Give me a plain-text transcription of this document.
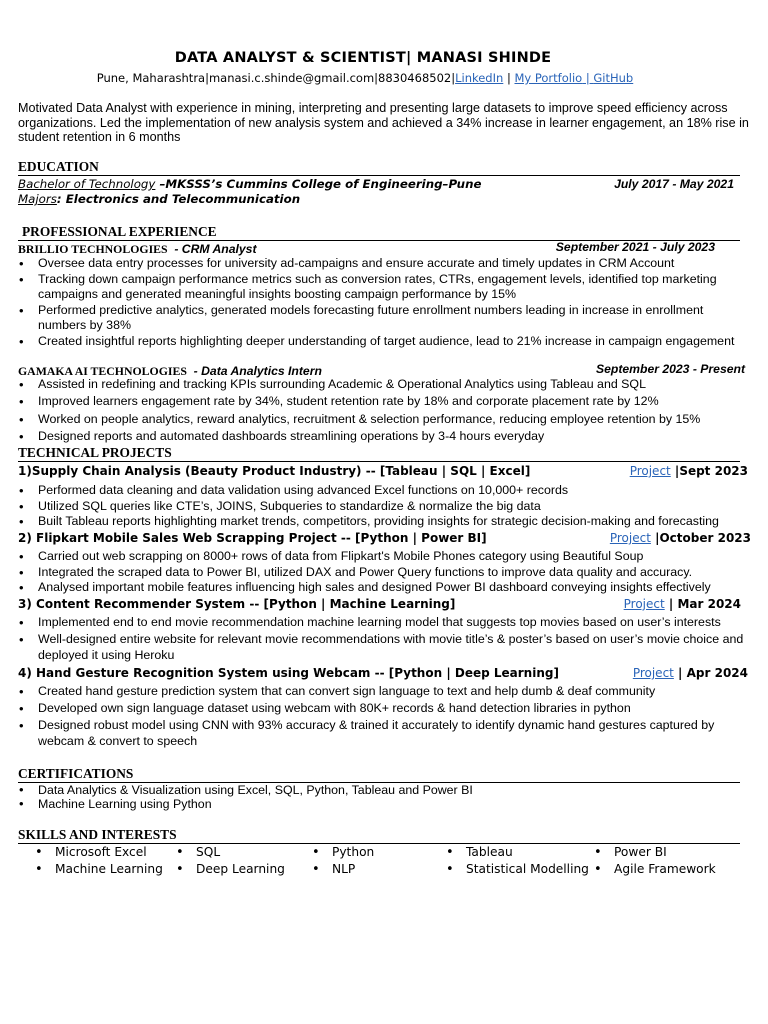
DATA ANALYST & SCIENTIST| MANASI SHINDE
Pune, Maharashtra|manasi.c.shinde@gmail.com|8830468502|LinkedIn | My Portfolio | GitHub
Motivated Data Analyst with experience in mining, interpreting and presenting large datasets to improve speed efficiency across organizations. Led the implementation of new analysis system and achieved a 34% increase in learner engagement, an 18% rise in student retention in 6 months
EDUCATION
Bachelor of Technology –MKSSS’s Cummins College of Engineering–Pune	July 2017 - May 2021
Majors: Electronics and Telecommunication
PROFESSIONAL EXPERIENCE
BRILLIO TECHNOLOGIES  - CRM Analyst	September 2021 - July 2023
• Oversee data entry processes for university ad-campaigns and ensure accurate and timely updates in CRM Account
• Tracking down campaign performance metrics such as conversion rates, CTRs, engagement levels, identified top marketing campaigns and generated meaningful insights boosting campaign performance by 15%
• Performed predictive analytics, generated models forecasting future enrollment numbers leading in increase in enrollment numbers by 38%
• Created insightful reports highlighting deeper understanding of target audience, lead to 21% increase in campaign engagement
GAMAKA AI TECHNOLOGIES  - Data Analytics Intern	September 2023 - Present
• Assisted in redefining and tracking KPIs surrounding Academic & Operational Analytics using Tableau and SQL
• Improved learners engagement rate by 34%, student retention rate by 18% and corporate placement rate by 12%
• Worked on people analytics, reward analytics, recruitment & selection performance, reducing employee retention by 15%
• Designed reports and automated dashboards streamlining operations by 3-4 hours everyday
TECHNICAL PROJECTS
1)Supply Chain Analysis (Beauty Product Industry) -- [Tableau | SQL | Excel]	Project |Sept 2023
• Performed data cleaning and data validation using advanced Excel functions on 10,000+ records
• Utilized SQL queries like CTE’s, JOINS, Subqueries to standardize & normalize the big data
• Built Tableau reports highlighting market trends, competitors, providing insights for strategic decision-making and forecasting
2) Flipkart Mobile Sales Web Scrapping Project -- [Python | Power BI]	Project |October 2023
• Carried out web scrapping on 8000+ rows of data from Flipkart's Mobile Phones category using Beautiful Soup
• Integrated the scraped data to Power BI, utilized DAX and Power Query functions to improve data quality and accuracy.
• Analysed important mobile features influencing high sales and designed Power BI dashboard conveying insights effectively
3) Content Recommender System -- [Python | Machine Learning]	Project | Mar 2024
• Implemented end to end movie recommendation machine learning model that suggests top movies based on user’s interests
• Well-designed entire website for relevant movie recommendations with movie title’s & poster’s based on user’s movie choice and deployed it using Heroku
4) Hand Gesture Recognition System using Webcam -- [Python | Deep Learning]	Project | Apr 2024
• Created hand gesture prediction system that can convert sign language to text and help dumb & deaf community
• Developed own sign language dataset using webcam with 80K+ records & hand detection libraries in python
• Designed robust model using CNN with 93% accuracy & trained it accurately to identify dynamic hand gestures captured by webcam & convert to speech
CERTIFICATIONS
• Data Analytics & Visualization using Excel, SQL, Python, Tableau and Power BI
• Machine Learning using Python
SKILLS AND INTERESTS
• Microsoft Excel	• SQL	• Python	• Tableau	• Power BI
• Machine Learning	• Deep Learning	• NLP	• Statistical Modelling • Agile Framework
